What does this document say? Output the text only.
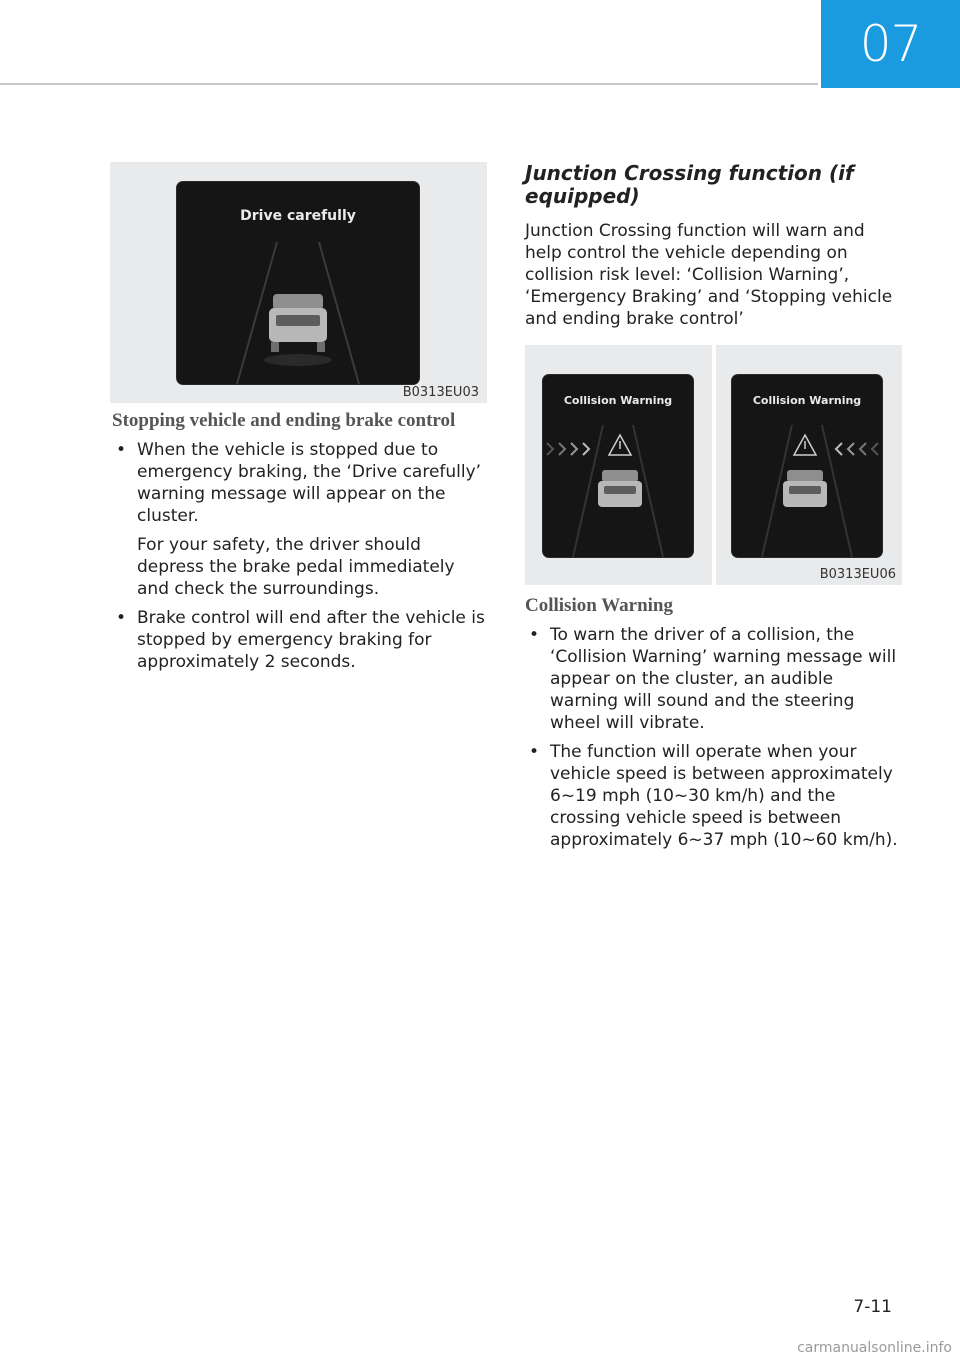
07
Drive carefully
B0313EU03
Stopping vehicle and ending brake control
• When the vehicle is stopped due to emergency braking, the ‘Drive carefully’ warning message will appear on the cluster.
For your safety, the driver should depress the brake pedal immediately and check the surroundings.
• Brake control will end after the vehicle is stopped by emergency braking for approximately 2 seconds.
Junction Crossing function (if equipped)

Junction Crossing function will warn and help control the vehicle depending on collision risk level: ‘Collision Warning’, ‘Emergency Braking’ and ‘Stopping vehicle and ending brake control’

Collision Warning	Collision Warning
B0313EU06
Collision Warning
• To warn the driver of a collision, the ‘Collision Warning’ warning message will appear on the cluster, an audible warning will sound and the steering wheel will vibrate.
• The function will operate when your vehicle speed is between approximately 6~19 mph (10~30 km/h) and the crossing vehicle speed is between approximately 6~37 mph (10~60 km/h).
7-11
carmanualsonline.info
